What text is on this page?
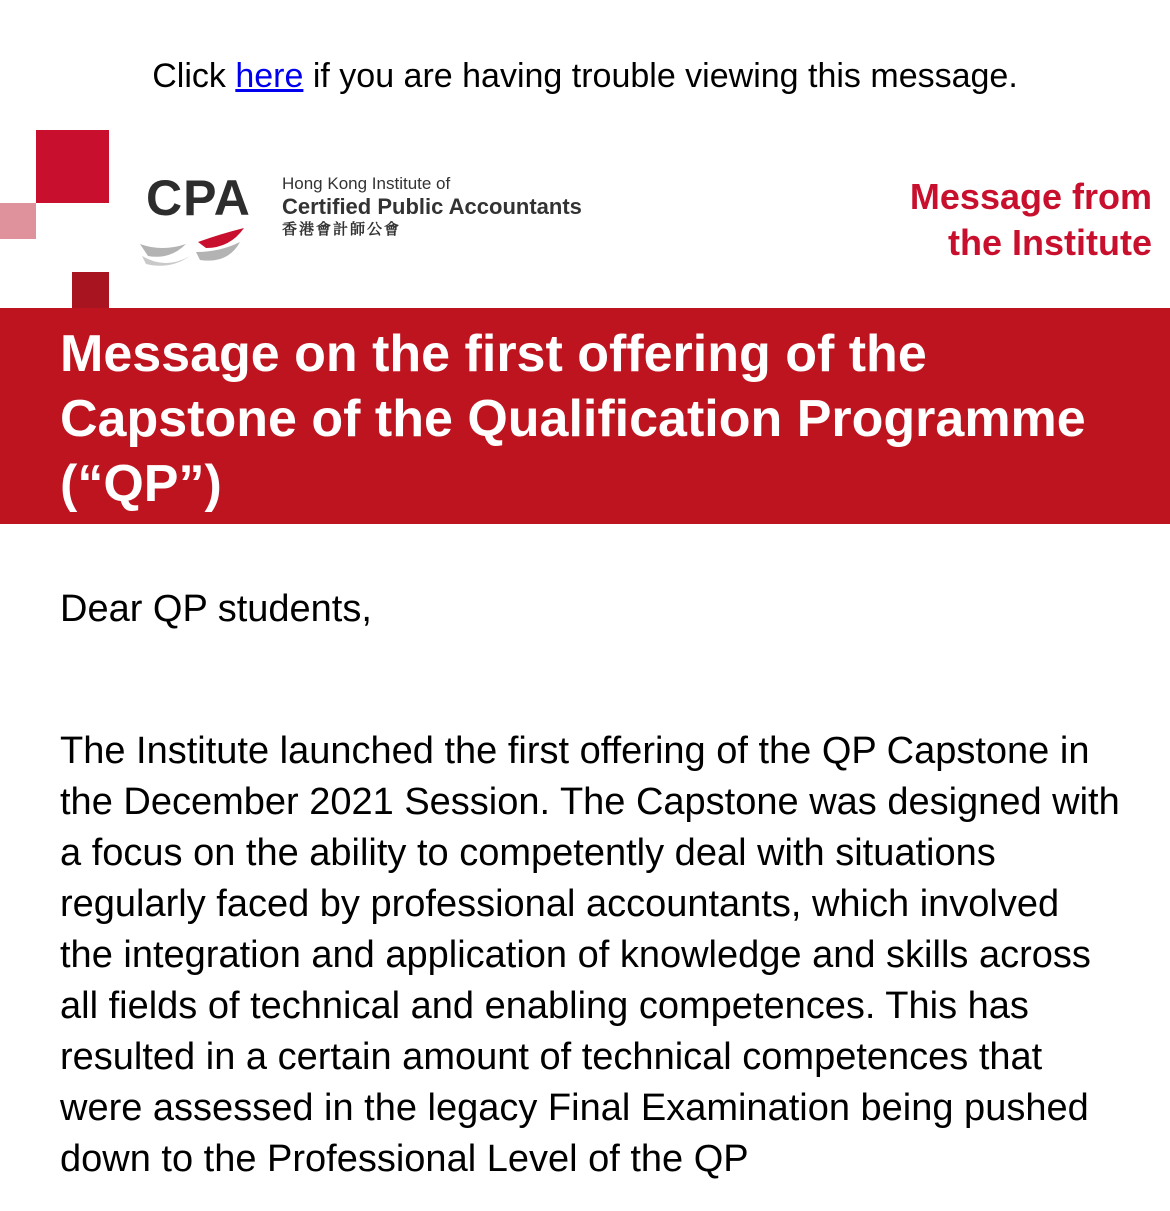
Click here if you are having trouble viewing this message.
CPA Hong Kong Institute of
Certified Public Accountants
香港會計師公會
Message from
the Institute
Message on the first offering of the Capstone of the Qualification Programme (“QP”)

Dear QP students,

The Institute launched the first offering of the QP Capstone in the December 2021 Session. The Capstone was designed with a focus on the ability to competently deal with situations regularly faced by professional accountants, which involved the integration and application of knowledge and skills across all fields of technical and enabling competences. This has resulted in a certain amount of technical competences that were assessed in the legacy Final Examination being pushed down to the Professional Level of the QP
